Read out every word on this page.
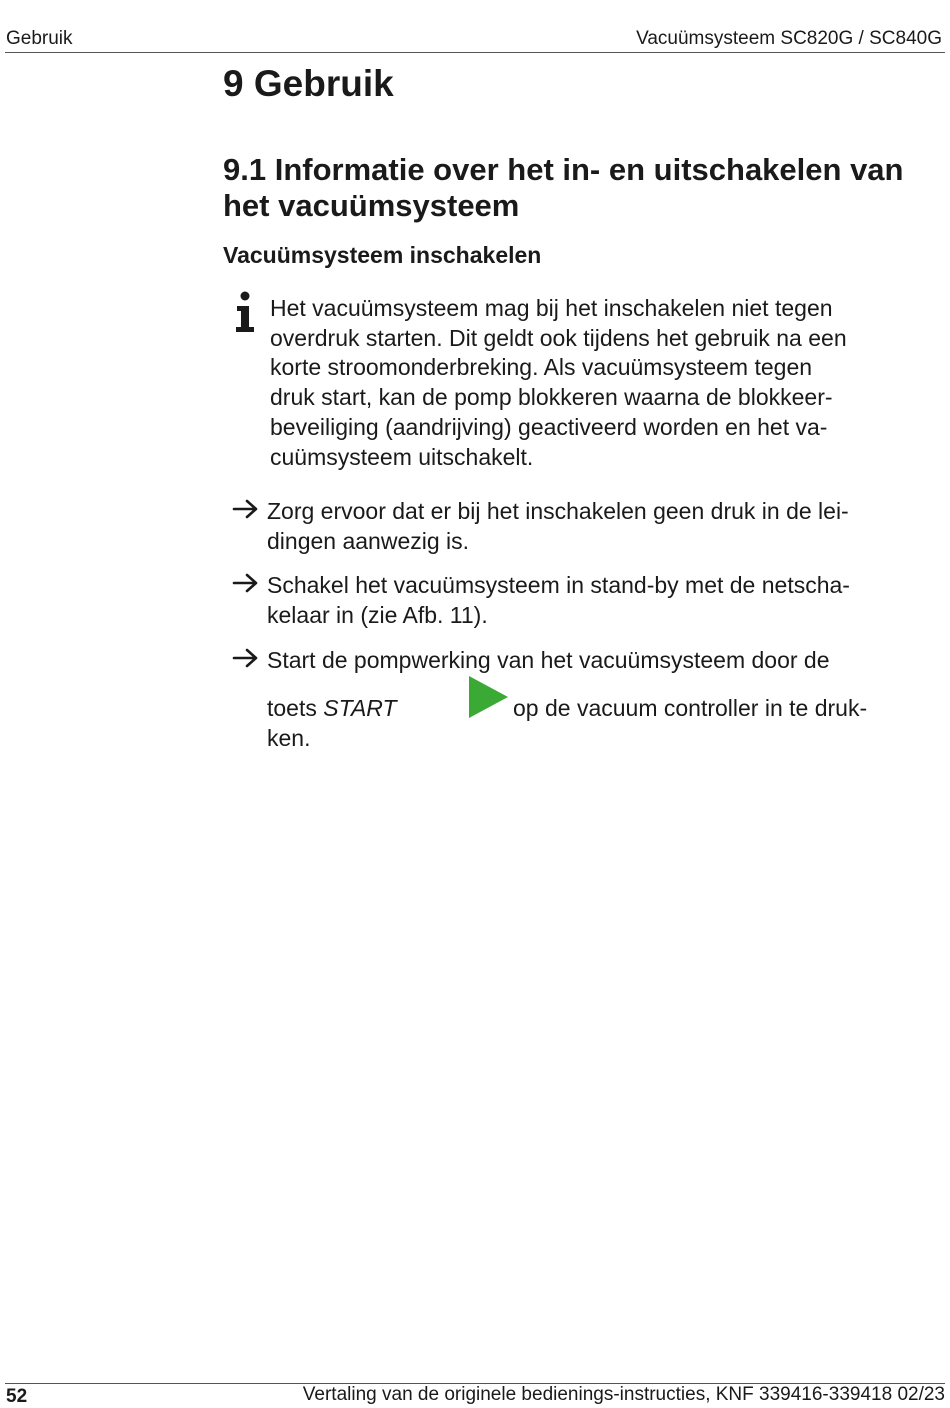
Gebruik	Vacuümsysteem SC820G / SC840G
9 Gebruik
9.1 Informatie over het in- en uitschakelen van
het vacuümsysteem
Vacuümsysteem inschakelen
Het vacuümsysteem mag bij het inschakelen niet tegen
overdruk starten. Dit geldt ook tijdens het gebruik na een
korte stroomonderbreking. Als vacuümsysteem tegen
druk start, kan de pomp blokkeren waarna de blokkeer-
beveiliging (aandrijving) geactiveerd worden en het va-
cuümsysteem uitschakelt.
Zorg ervoor dat er bij het inschakelen geen druk in de lei-
dingen aanwezig is.
Schakel het vacuümsysteem in stand-by met de netscha-
kelaar in (zie Afb. 11).
Start de pompwerking van het vacuümsysteem door de
toets START	op de vacuum controller in te druk-
ken.
52	Vertaling van de originele bedienings-instructies, KNF 339416-339418 02/23
